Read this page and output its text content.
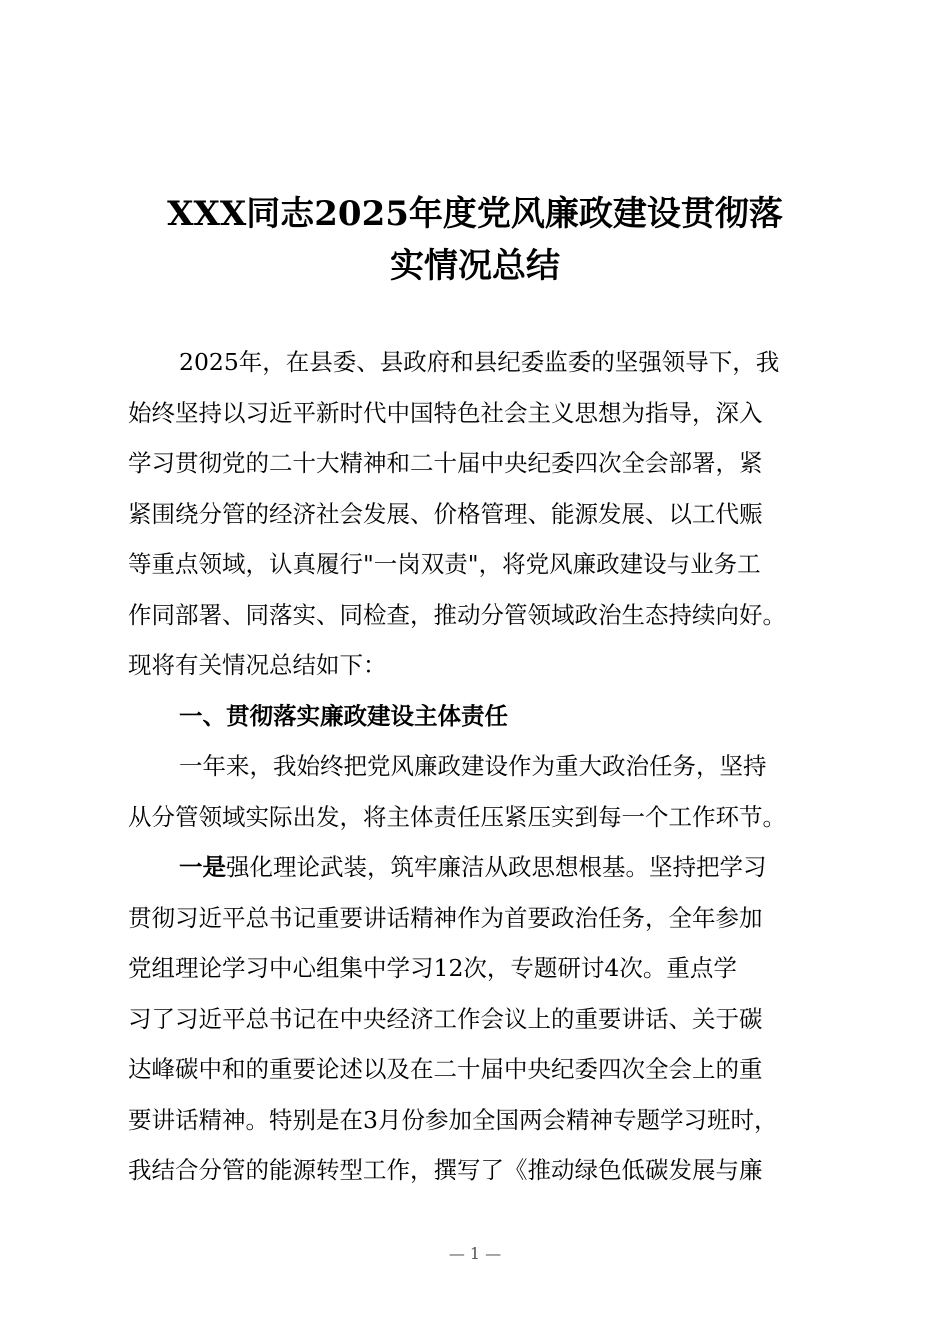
XXX同志2025年度党风廉政建设贯彻落
实情况总结
2025年，在县委、县政府和县纪委监委的坚强领导下，我
始终坚持以习近平新时代中国特色社会主义思想为指导，深入
学习贯彻党的二十大精神和二十届中央纪委四次全会部署，紧
紧围绕分管的经济社会发展、价格管理、能源发展、以工代赈
等重点领域，认真履行"一岗双责"，将党风廉政建设与业务工
作同部署、同落实、同检查，推动分管领域政治生态持续向好。
现将有关情况总结如下：
一、贯彻落实廉政建设主体责任
一年来，我始终把党风廉政建设作为重大政治任务，坚持
从分管领域实际出发，将主体责任压紧压实到每一个工作环节。
一是强化理论武装，筑牢廉洁从政思想根基。坚持把学习
贯彻习近平总书记重要讲话精神作为首要政治任务，全年参加
党组理论学习中心组集中学习12次，专题研讨4次。重点学
习了习近平总书记在中央经济工作会议上的重要讲话、关于碳
达峰碳中和的重要论述以及在二十届中央纪委四次全会上的重
要讲话精神。特别是在3月份参加全国两会精神专题学习班时，
我结合分管的能源转型工作，撰写了《推动绿色低碳发展与廉
— 1 —
